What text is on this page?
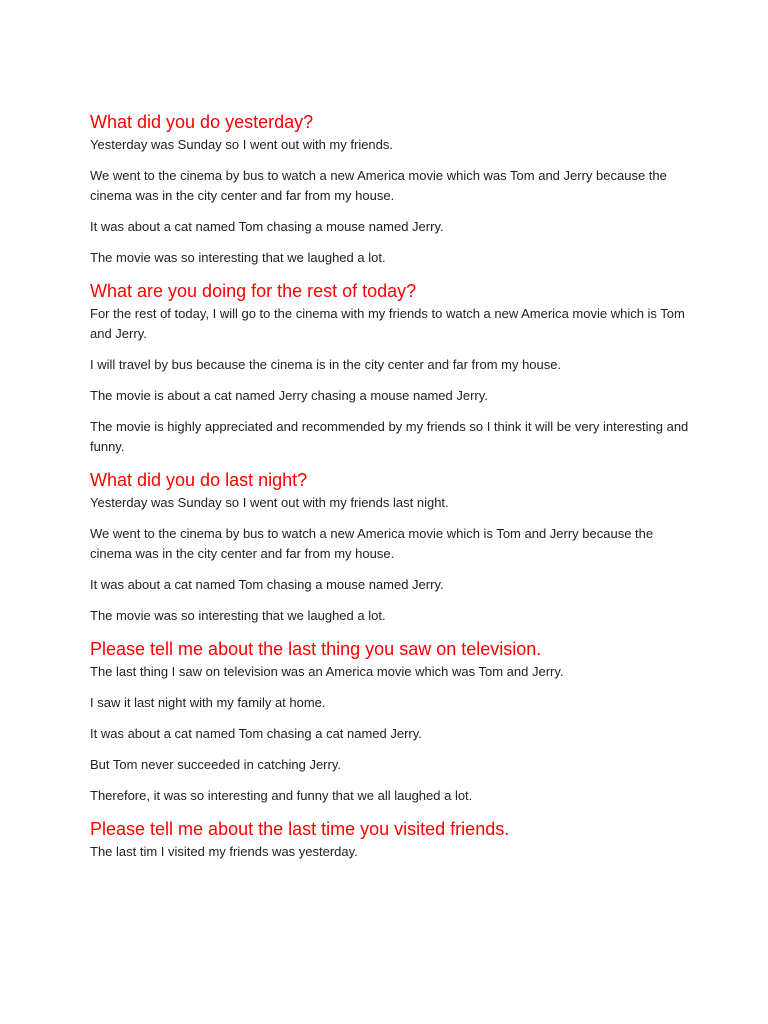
What did you do yesterday?

Yesterday was Sunday so I went out with my friends.

We went to the cinema by bus to watch a new America movie which was Tom and Jerry because the cinema was in the city center and far from my house.

It was about a cat named Tom chasing a mouse named Jerry.

The movie was so interesting that we laughed a lot.

What are you doing for the rest of today?

For the rest of today, I will go to the cinema with my friends to watch a new America movie which is Tom and Jerry.

I will travel by bus because the cinema is in the city center and far from my house.

The movie is about a cat named Jerry chasing a mouse named Jerry.

The movie is highly appreciated and recommended by my friends so I think it will be very interesting and funny.

What did you do last night?

Yesterday was Sunday so I went out with my friends last night.

We went to the cinema by bus to watch a new America movie which is Tom and Jerry because the cinema was in the city center and far from my house.

It was about a cat named Tom chasing a mouse named Jerry.

The movie was so interesting that we laughed a lot.

Please tell me about the last thing you saw on television.

The last thing I saw on television was an America movie which was Tom and Jerry.

I saw it last night with my family at home.

It was about a cat named Tom chasing a cat named Jerry.

But Tom never succeeded in catching Jerry.

Therefore, it was so interesting and funny that we all laughed a lot.

Please tell me about the last time you visited friends.

The last tim I visited my friends was yesterday.
